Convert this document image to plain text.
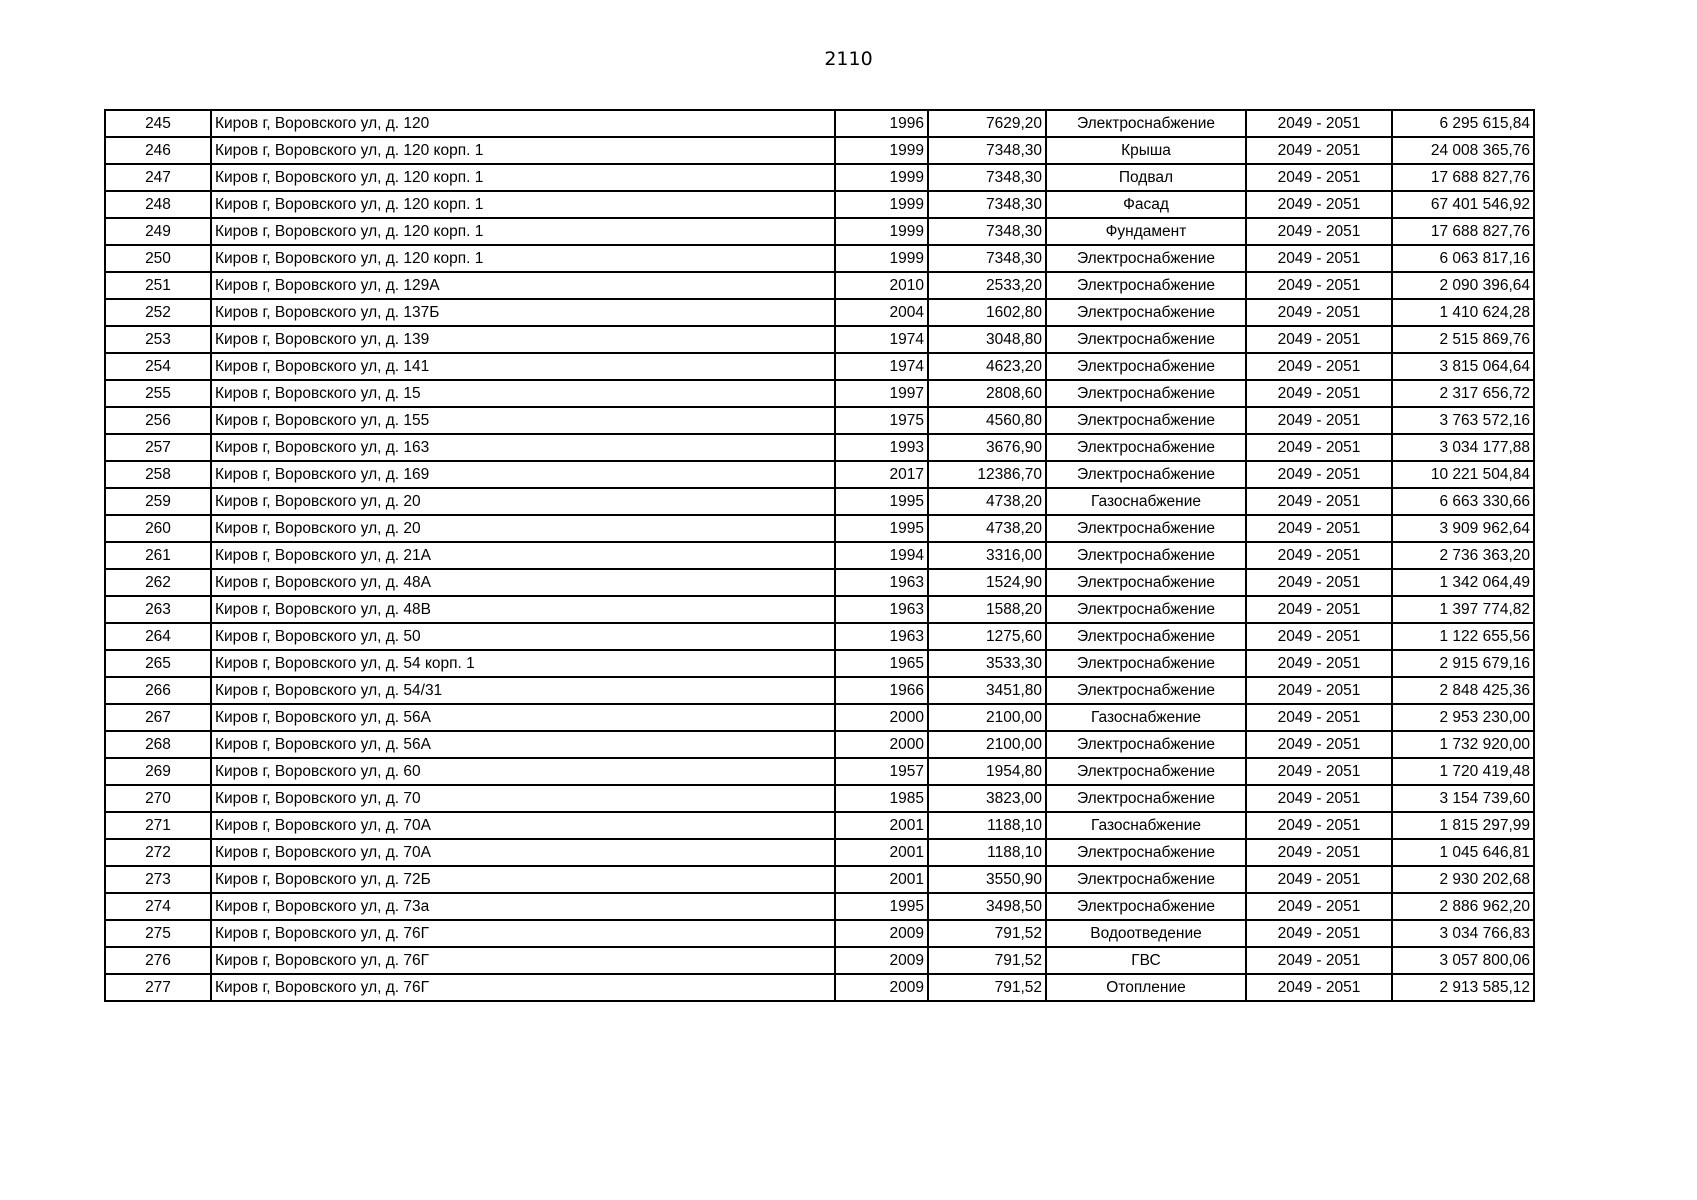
2110
245	Киров г, Воровского ул, д. 120	1996	7629,20	Электроснабжение	2049 - 2051	6 295 615,84
246	Киров г, Воровского ул, д. 120 корп. 1	1999	7348,30	Крыша	2049 - 2051	24 008 365,76
247	Киров г, Воровского ул, д. 120 корп. 1	1999	7348,30	Подвал	2049 - 2051	17 688 827,76
248	Киров г, Воровского ул, д. 120 корп. 1	1999	7348,30	Фасад	2049 - 2051	67 401 546,92
249	Киров г, Воровского ул, д. 120 корп. 1	1999	7348,30	Фундамент	2049 - 2051	17 688 827,76
250	Киров г, Воровского ул, д. 120 корп. 1	1999	7348,30	Электроснабжение	2049 - 2051	6 063 817,16
251	Киров г, Воровского ул, д. 129А	2010	2533,20	Электроснабжение	2049 - 2051	2 090 396,64
252	Киров г, Воровского ул, д. 137Б	2004	1602,80	Электроснабжение	2049 - 2051	1 410 624,28
253	Киров г, Воровского ул, д. 139	1974	3048,80	Электроснабжение	2049 - 2051	2 515 869,76
254	Киров г, Воровского ул, д. 141	1974	4623,20	Электроснабжение	2049 - 2051	3 815 064,64
255	Киров г, Воровского ул, д. 15	1997	2808,60	Электроснабжение	2049 - 2051	2 317 656,72
256	Киров г, Воровского ул, д. 155	1975	4560,80	Электроснабжение	2049 - 2051	3 763 572,16
257	Киров г, Воровского ул, д. 163	1993	3676,90	Электроснабжение	2049 - 2051	3 034 177,88
258	Киров г, Воровского ул, д. 169	2017	12386,70	Электроснабжение	2049 - 2051	10 221 504,84
259	Киров г, Воровского ул, д. 20	1995	4738,20	Газоснабжение	2049 - 2051	6 663 330,66
260	Киров г, Воровского ул, д. 20	1995	4738,20	Электроснабжение	2049 - 2051	3 909 962,64
261	Киров г, Воровского ул, д. 21А	1994	3316,00	Электроснабжение	2049 - 2051	2 736 363,20
262	Киров г, Воровского ул, д. 48А	1963	1524,90	Электроснабжение	2049 - 2051	1 342 064,49
263	Киров г, Воровского ул, д. 48В	1963	1588,20	Электроснабжение	2049 - 2051	1 397 774,82
264	Киров г, Воровского ул, д. 50	1963	1275,60	Электроснабжение	2049 - 2051	1 122 655,56
265	Киров г, Воровского ул, д. 54 корп. 1	1965	3533,30	Электроснабжение	2049 - 2051	2 915 679,16
266	Киров г, Воровского ул, д. 54/31	1966	3451,80	Электроснабжение	2049 - 2051	2 848 425,36
267	Киров г, Воровского ул, д. 56А	2000	2100,00	Газоснабжение	2049 - 2051	2 953 230,00
268	Киров г, Воровского ул, д. 56А	2000	2100,00	Электроснабжение	2049 - 2051	1 732 920,00
269	Киров г, Воровского ул, д. 60	1957	1954,80	Электроснабжение	2049 - 2051	1 720 419,48
270	Киров г, Воровского ул, д. 70	1985	3823,00	Электроснабжение	2049 - 2051	3 154 739,60
271	Киров г, Воровского ул, д. 70А	2001	1188,10	Газоснабжение	2049 - 2051	1 815 297,99
272	Киров г, Воровского ул, д. 70А	2001	1188,10	Электроснабжение	2049 - 2051	1 045 646,81
273	Киров г, Воровского ул, д. 72Б	2001	3550,90	Электроснабжение	2049 - 2051	2 930 202,68
274	Киров г, Воровского ул, д. 73а	1995	3498,50	Электроснабжение	2049 - 2051	2 886 962,20
275	Киров г, Воровского ул, д. 76Г	2009	791,52	Водоотведение	2049 - 2051	3 034 766,83
276	Киров г, Воровского ул, д. 76Г	2009	791,52	ГВС	2049 - 2051	3 057 800,06
277	Киров г, Воровского ул, д. 76Г	2009	791,52	Отопление	2049 - 2051	2 913 585,12
